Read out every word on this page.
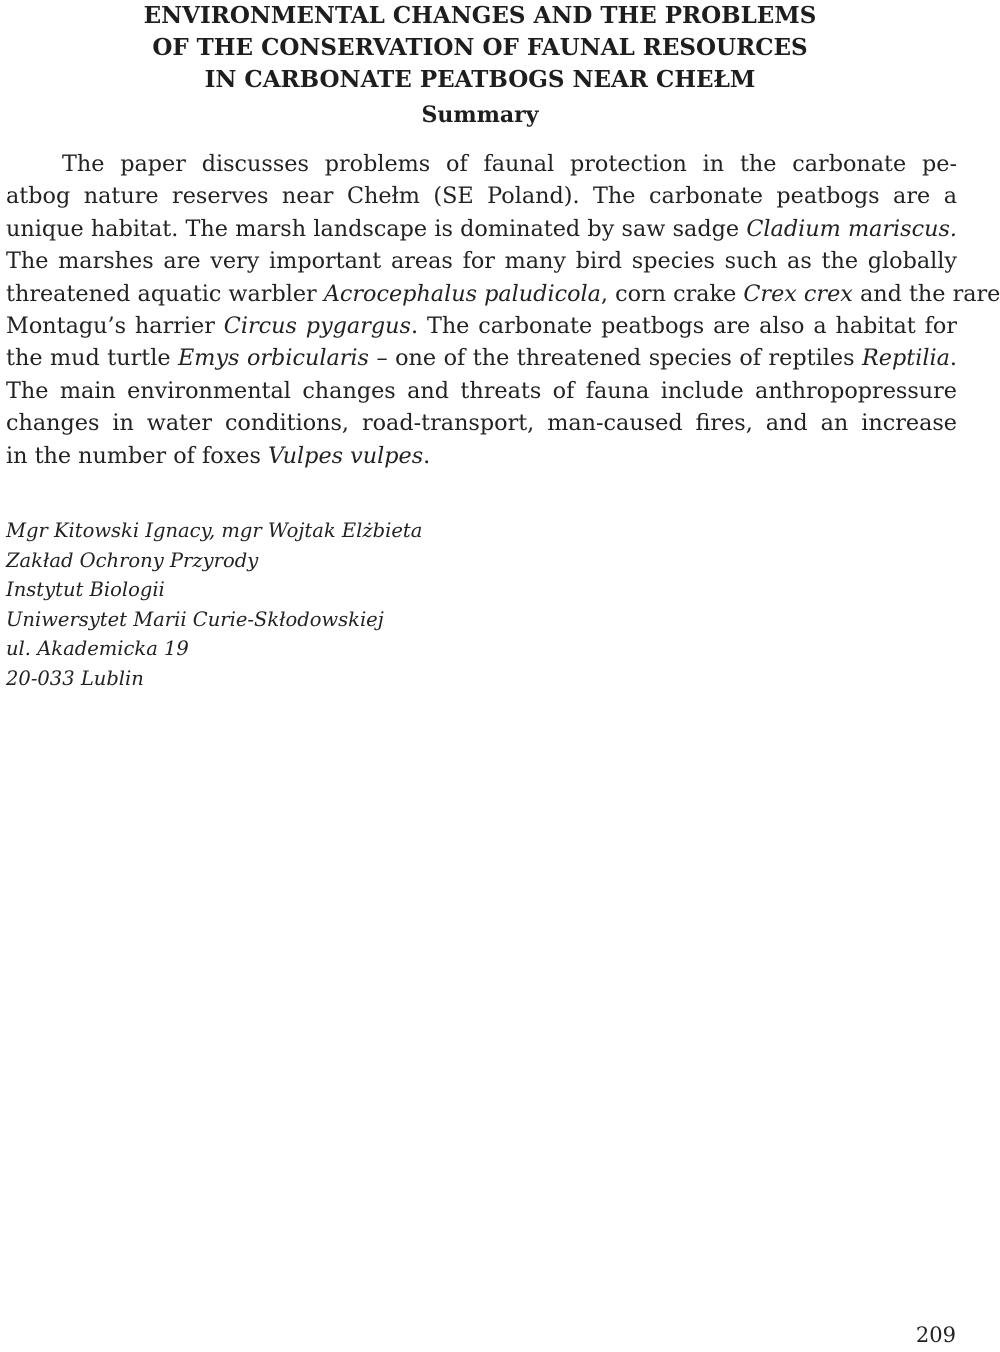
ENVIRONMENTAL CHANGES AND THE PROBLEMS
OF THE CONSERVATION OF FAUNAL RESOURCES
IN CARBONATE PEATBOGS NEAR CHEŁM
Summary
The paper discusses problems of faunal protection in the carbonate pe-
atbog nature reserves near Chełm (SE Poland). The carbonate peatbogs are a
unique habitat. The marsh landscape is dominated by saw sadge Cladium mariscus.
The marshes are very important areas for many bird species such as the globally
threatened aquatic warbler Acrocephalus paludicola, corn crake Crex crex and the rare
Montagu’s harrier Circus pygargus. The carbonate peatbogs are also a habitat for
the mud turtle Emys orbicularis – one of the threatened species of reptiles Reptilia.
The main environmental changes and threats of fauna include anthropopressure
changes in water conditions, road-transport, man-caused fires, and an increase
in the number of foxes Vulpes vulpes.
Mgr Kitowski Ignacy, mgr Wojtak Elżbieta
Zakład Ochrony Przyrody
Instytut Biologii
Uniwersytet Marii Curie-Skłodowskiej
ul. Akademicka 19
20-033 Lublin
209
